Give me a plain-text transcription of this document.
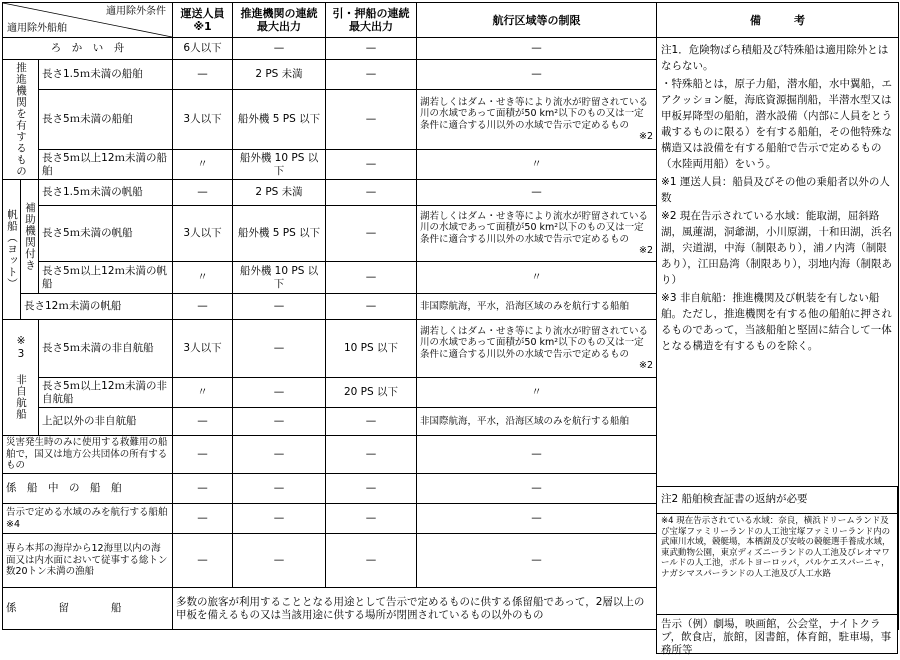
適用除外条件
適用除外船舶			運送人員 ※1	推進機関の連続最大出力	引・押船の連続最大出力	航行区域等の制限	備　　　考
ろ　か　い　舟			6人以下	—	—	—	注1．危険物ばら積船及び特殊船は適用除外とはならない。

・特殊船とは，原子力船，潜水船，水中翼船，エアクッション艇，海底資源掘削船，半潜水型又は甲板昇降型の船舶，潜水設備（内部に人員をとう載するものに限る）を有する船舶，その他特殊な構造又は設備を有する船舶で告示で定めるもの（水陸両用船）をいう。

※1 運送人員：船員及びその他の乗船者以外の人数

※2 現在告示されている水域：能取湖，屈斜路湖，風蓮湖，洞爺湖，小川原湖，十和田湖，浜名湖，宍道湖，中海（制限あり），浦ノ内湾（制限あり），江田島湾（制限あり），羽地内海（制限あり）

※3 非自航船：推進機関及び帆装を有しない船舶。ただし，推進機関を有する他の船舶に押されるものであって，当該船舶と堅固に結合して一体となる構造を有するものを除く。

推進機関を有するもの		長さ1.5ｍ未満の船舶	—	2 PS 未満	—	—	
		長さ5ｍ未満の船舶	3人以下	船外機 5 PS 以下	—	湖若しくはダム・せき等により流水が貯留されている川の水域であって面積が50 km²以下のもの又は一定条件に適合する川以外の水域で告示で定めるもの
※2	

		長さ5ｍ以上12ｍ未満の船舶	〃	船外機 10 PS 以下	—	〃	
帆船（ヨット）	補助機関付き	長さ1.5ｍ未満の帆船	—	2 PS 未満	—	—	
		長さ5ｍ未満の帆船	3人以下	船外機 5 PS 以下	—	湖若しくはダム・せき等により流水が貯留されている川の水域であって面積が50 km²以下のもの又は一定条件に適合する川以外の水域で告示で定めるもの
※2	

		長さ5ｍ以上12ｍ未満の帆船	〃	船外機 10 PS 以下	—	〃	
	長さ12ｍ未満の帆船		—	—	—	非国際航海，平水，沿海区域のみを航行する船舶	
※3 非自航船		長さ5ｍ未満の非自航船	3人以下	—	10 PS 以下	湖若しくはダム・せき等により流水が貯留されている川の水域であって面積が50 km²以下のもの又は一定条件に適合する川以外の水域で告示で定めるもの
※2	

		長さ5ｍ以上12ｍ未満の非自航船	〃	—	20 PS 以下	〃	
		上記以外の非自航船	—	—	—	非国際航海，平水，沿海区域のみを航行する船舶	
災害発生時のみに使用する救難用の船舶で，国又は地方公共団体の所有するもの			—	—	—	—	
係　船　中　の　船　舶			—	—	—	—	
告示で定める水域のみを航行する船舶　　　※4			—	—	—	—	
専ら本邦の海岸から12海里以内の海面又は内水面において従事する総トン数20トン未満の漁船			—	—	—	—	
係　　　　留　　　　船			多数の旅客が利用することとなる用途として告示で定めるものに供する係留船であって，2層以上の甲板を備えるもの又は当該用途に供する場所が閉囲されているもの以外のもの				
注2 船舶検査証書の返納が必要
※4 現在告示されている水域：奈良，横浜ドリームランド及び宝塚ファミリーランドの人工池宝塚ファミリーランド内の武庫川水域，競艇場，本栖湖及び安岐の競艇選手養成水域，東武動物公園，東京ディズニーランドの人工池及びレオマワールドの人工池，ポルトヨーロッパ，パルケエスパーニャ，ナガシマスパーランドの人工池及び人工水路
告示（例）劇場，映画館，公会堂，ナイトクラブ，飲食店，旅館，図書館，体育館，駐車場，事務所等
